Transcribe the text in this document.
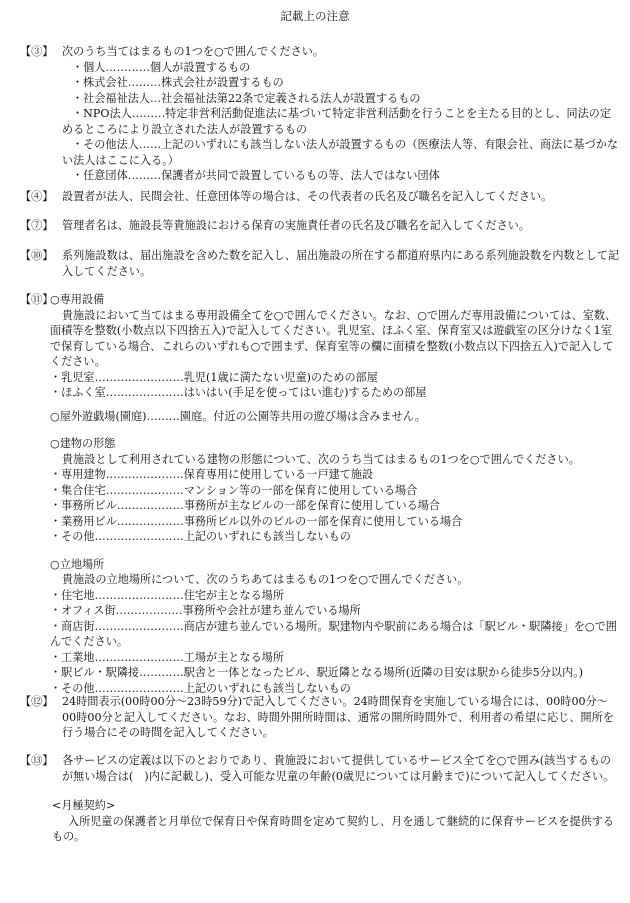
記載上の注意
【③】 次のうち当てはまるもの1つを○で囲んでください。
・個人…………個人が設置するもの
・株式会社………株式会社が設置するもの
・社会福祉法人…社会福祉法第22条で定義される法人が設置するもの
・NPO法人………特定非営利活動促進法に基づいて特定非営利活動を行うことを主たる目的とし、同法の定めるところにより設立された法人が設置するもの
・その他法人……上記のいずれにも該当しない法人が設置するもの（医療法人等、有限会社、商法に基づかない法人はここに入る。）
・任意団体………保護者が共同で設置しているもの等、法人ではない団体
【④】 設置者が法人、民間会社、任意団体等の場合は、その代表者の氏名及び職名を記入してください。
【⑦】 管理者名は、施設長等貴施設における保育の実施責任者の氏名及び職名を記入してください。
【⑩】 系列施設数は、届出施設を含めた数を記入し、届出施設の所在する都道府県内にある系列施設数を内数として記入してください。
【⑪】
○専用設備
貴施設において当てはまる専用設備全てを○で囲んでください。なお、○で囲んだ専用設備については、室数、面積等を整数(小数点以下四捨五入)で記入してください。乳児室、ほふく室、保育室又は遊戯室の区分けなく1室で保育している場合、これらのいずれも○で囲まず、保育室等の欄に面積を整数(小数点以下四捨五入)で記入してください。
・乳児室……………………乳児(1歳に満たない児童)のための部屋
・ほふく室…………………はいはい(手足を使ってはい進む)するための部屋
○屋外遊戯場(園庭)………園庭。付近の公園等共用の遊び場は含みません。
○建物の形態
貴施設として利用されている建物の形態について、次のうち当てはまるもの1つを○で囲んでください。
・専用建物…………………保育専用に使用している一戸建て施設
・集合住宅…………………マンション等の一部を保育に使用している場合
・事務所ビル………………事務所が主なビルの一部を保育に使用している場合
・業務用ビル………………事務所ビル以外のビルの一部を保育に使用している場合
・その他……………………上記のいずれにも該当しないもの
○立地場所
貴施設の立地場所について、次のうちあてはまるもの1つを○で囲んでください。
・住宅地……………………住宅が主となる場所
・オフィス街………………事務所や会社が建ち並んでいる場所
・商店街……………………商店が建ち並んでいる場所。駅建物内や駅前にある場合は「駅ビル・駅隣接」を○で囲んでください。
・工業地……………………工場が主となる場所
・駅ビル・駅隣接…………駅舎と一体となったビル、駅近隣となる場所(近隣の目安は駅から徒歩5分以内。)
・その他……………………上記のいずれにも該当しないもの
【⑫】 24時間表示(00時00分～23時59分)で記入してください。24時間保育を実施している場合には、00時00分～00時00分と記入してください。なお、時間外開所時間は、通常の開所時間外で、利用者の希望に応じ、開所を行う場合にその時間を記入してください。
【⑬】 各サービスの定義は以下のとおりであり、貴施設において提供しているサービス全てを○で囲み(該当するものが無い場合は(　)内に記載し)、受入可能な児童の年齢(0歳児については月齢まで)について記入してください。
<月極契約>
入所児童の保護者と月単位で保育日や保育時間を定めて契約し、月を通して継続的に保育サービスを提供するもの。
